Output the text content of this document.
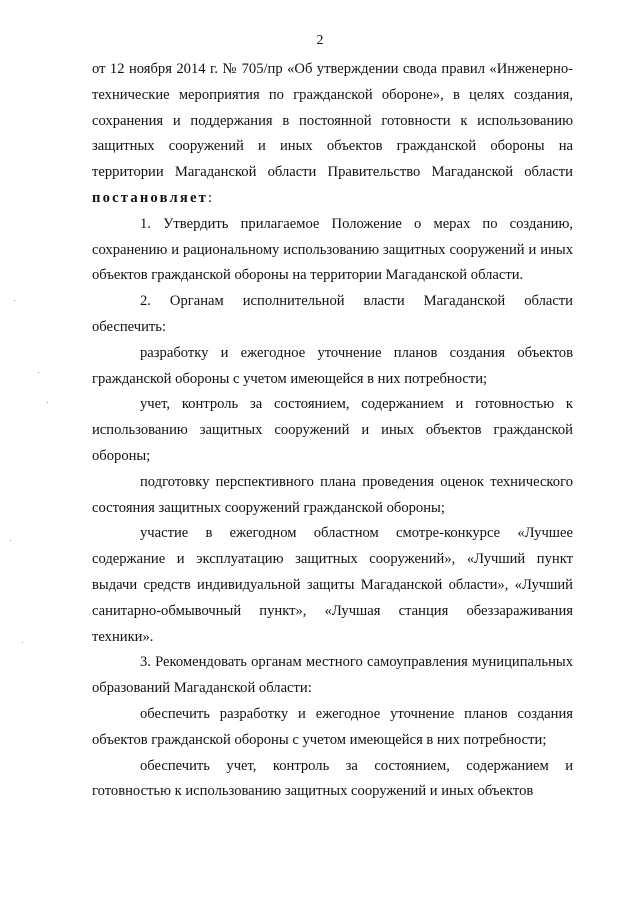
2

от 12 ноября 2014 г. № 705/пр «Об утверждении свода правил «Инженерно-технические мероприятия по гражданской обороне», в целях создания, сохранения и поддержания в постоянной готовности к использованию защитных сооружений и иных объектов гражданской обороны на территории Магаданской области Правительство Магаданской области постановляет:

1. Утвердить прилагаемое Положение о мерах по созданию, сохранению и рациональному использованию защитных сооружений и иных объектов гражданской обороны на территории Магаданской области.

2. Органам исполнительной власти Магаданской области обеспечить:

разработку и ежегодное уточнение планов создания объектов гражданской обороны с учетом имеющейся в них потребности;

учет, контроль за состоянием, содержанием и готовностью к использованию защитных сооружений и иных объектов гражданской обороны;

подготовку перспективного плана проведения оценок технического состояния защитных сооружений гражданской обороны;

участие в ежегодном областном смотре-конкурсе «Лучшее содержание и эксплуатацию защитных сооружений», «Лучший пункт выдачи средств индивидуальной защиты Магаданской области», «Лучший санитарно-обмывочный пункт», «Лучшая станция обеззараживания техники».

3. Рекомендовать органам местного самоуправления муниципальных образований Магаданской области:

обеспечить разработку и ежегодное уточнение планов создания объектов гражданской обороны с учетом имеющейся в них потребности;

обеспечить учет, контроль за состоянием, содержанием и готовностью к использованию защитных сооружений и иных объектов
